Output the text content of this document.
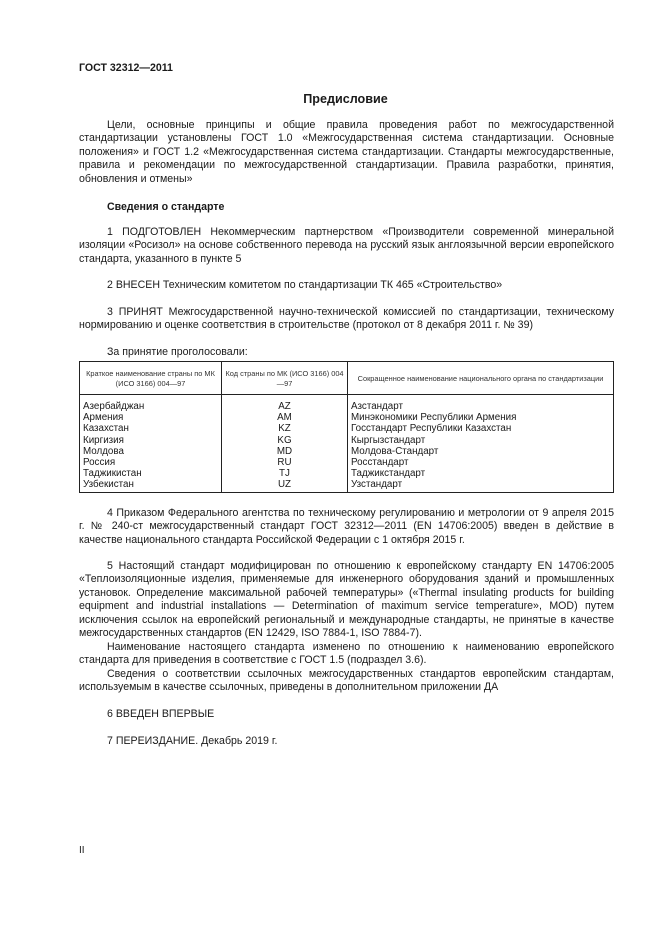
ГОСТ 32312—2011
Предисловие

Цели, основные принципы и общие правила проведения работ по межгосударственной стандартизации установлены ГОСТ 1.0 «Межгосударственная система стандартизации. Основные положения» и ГОСТ 1.2 «Межгосударственная система стандартизации. Стандарты межгосударственные, правила и рекомендации по межгосударственной стандартизации. Правила разработки, принятия, обновления и отмены»

Сведения о стандарте

1 ПОДГОТОВЛЕН Некоммерческим партнерством «Производители современной минеральной изоляции «Росизол» на основе собственного перевода на русский язык англоязычной версии европейского стандарта, указанного в пункте 5

2 ВНЕСЕН Техническим комитетом по стандартизации ТК 465 «Строительство»

3 ПРИНЯТ Межгосударственной научно-технической комиссией по стандартизации, техническому нормированию и оценке соответствия в строительстве (протокол от 8 декабря 2011 г. № 39)

За принятие проголосовали:
Краткое наименование страны по МК (ИСО 3166) 004—97	Код страны по МК (ИСО 3166) 004—97	Сокращенное наименование национального органа по стандартизации
Азербайджан	AZ	Азстандарт
Армения	AM	Минэкономики Республики Армения
Казахстан	KZ	Госстандарт Республики Казахстан
Киргизия	KG	Кыргызстандарт
Молдова	MD	Молдова-Стандарт
Россия	RU	Росстандарт
Таджикистан	TJ	Таджикстандарт
Узбекистан	UZ	Узстандарт

4 Приказом Федерального агентства по техническому регулированию и метрологии от 9 апреля 2015 г. № 240-ст межгосударственный стандарт ГОСТ 32312—2011 (EN 14706:2005) введен в действие в качестве национального стандарта Российской Федерации с 1 октября 2015 г.

5 Настоящий стандарт модифицирован по отношению к европейскому стандарту EN 14706:2005 «Теплоизоляционные изделия, применяемые для инженерного оборудования зданий и промышленных установок. Определение максимальной рабочей температуры» («Thermal insulating products for building equipment and industrial installations — Determination of maximum service temperature», MOD) путем исключения ссылок на европейский региональный и международные стандарты, не принятые в качестве межгосударственных стандартов (EN 12429, ISO 7884-1, ISO 7884-7).

Наименование настоящего стандарта изменено по отношению к наименованию европейского стандарта для приведения в соответствие с ГОСТ 1.5 (подраздел 3.6).

Сведения о соответствии ссылочных межгосударственных стандартов европейским стандартам, используемым в качестве ссылочных, приведены в дополнительном приложении ДА

6 ВВЕДЕН ВПЕРВЫЕ

7 ПЕРЕИЗДАНИЕ. Декабрь 2019 г.

II
